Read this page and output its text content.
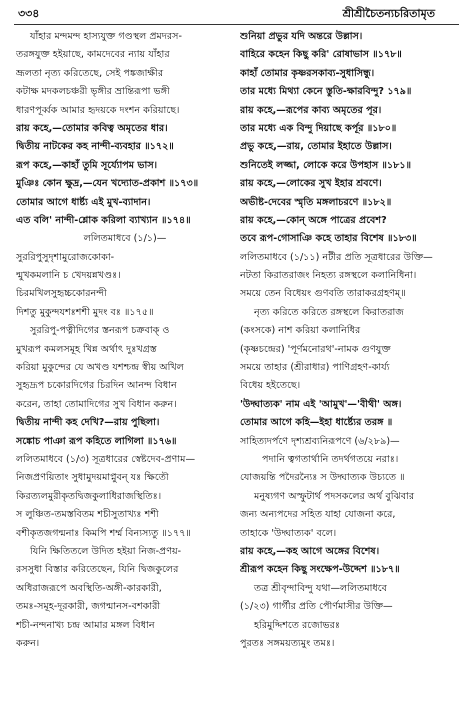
৩৩৪	শ্রীশ্রীচৈতন্যচরিতামৃত
যাঁহার মন্দমন্দ হাস্যযুক্ত গণ্ডস্থল প্রমদরস-
তরঙ্গযুক্ত হইয়াছে, কামদেবের ন্যায় যাঁহার
ভ্রূলতা নৃত্য করিতেছে, সেই পঙ্কজাক্ষীর
কটাক্ষ মদকলচঞ্চরী ভৃঙ্গীর ভ্রান্তিরূপা ভঙ্গী
ধারণপূর্ব্বক আমার হৃদয়কে দংশন করিয়াছে।
রায় কহে,—তোমার কবিত্ব অমৃতের ধার।
দ্বিতীয় নাটকের কহ নান্দী-ব্যবহার ॥১৭২॥
রূপ কহে,—কাহাঁ তুমি সূর্য্যোপম ভাস।
মুঞিঃ কোন ক্ষুদ্র,—যেন খদ্যোত-প্রকাশ ॥১৭৩॥
তোমার আগে ধার্ষ্ট্য এই মুখ-ব্যাদান।
এত বলি' নান্দী-শ্লোক করিলা ব্যাখ্যান ॥১৭৪॥
ললিতমাধবে (১/১)—
সুররিপুসুদৃশামুরোজকোকা-
ন্মুখকমলানি চ খেদয়ন্নখণ্ডঃ।
চিরমখিলসুহৃচ্চকোরনন্দী
দিশতু মুকুন্দযশঃশশী মুদং বঃ ॥১৭৫॥
সুররিপু-পত্নীদিগের স্তনরূপ চক্রবাক্ ও
মুখরূপ কমলসমূহ খিন্ন অর্থাৎ দুঃখগ্রস্ত
করিয়া মুকুন্দের যে অখণ্ড যশশ্চন্দ্র স্বীয় অখিল
সুহৃদ্রূপ চকোরদিগের চিরদিন আনন্দ বিধান
করেন, তাহা তোমাদিগের সুখ বিধান করুন।
দ্বিতীয় নান্দী কহ দেখি?—রায় পুছিলা।
সঙ্কোচ পাঞা রূপ কহিতে লাগিলা ॥১৭৬॥
ললিতমাধবে (১/৩) সূত্রধারের স্বেষ্টদেব-প্রণাম—
নিজপ্রণয়িতাং সুধামুদয়মাপ্নুবন্ যঃ ক্ষিতৌ
কিরত্যলমুরীকৃতদ্বিজকুলাধিরাজস্থিতিঃ।
স লুঞ্চিত-তমস্তবিতম শচীসুতাখ্যঃ শশী
বশীকৃতজগন্মনাঃ কিমপি শর্ম্ম বিন্যস্যতু ॥১৭৭॥
যিনি ক্ষিতিতলে উদিত হইয়া নিজ-প্রণয়-
রসসুধা বিস্তার করিতেছেন, যিনি দ্বিজকুলের
অধিরাজরূপে অবস্থিতি-অঙ্গী-কারকারী,
তমঃ-সমূহ-দূরকারী, জগন্মানস-বশকারী
শচী-নন্দনাখ্য চন্দ্র আমার মঙ্গল বিধান
করুন।
শুনিয়া প্রভুর যদি অন্তরে উল্লাস।
বাহিরে কহেন কিছু করি' রোষাভাস ॥১৭৮॥
কাহাঁ তোমার কৃষ্ণরসকাব্য-সুধাসিন্ধু।
তার মধ্যে মিথ্যা কেনে স্তুতি-ক্ষারবিন্দু? ১৭৯॥
রায় কহে,—রূপের কাব্য অমৃতের পূর।
তার মধ্যে এক বিন্দু দিয়াছে কর্পূর ॥১৮০॥
প্রভু কহে,—রায়, তোমার ইহাতে উল্লাস।
শুনিতেই লজ্জা, লোকে করে উপহাস ॥১৮১॥
রায় কহে,—লোকের সুখ ইহার শ্রবণে।
অভীষ্ট-দেবের স্মৃতি মঙ্গলাচরণে ॥১৮২॥
রায় কহে,—কোন্ অঙ্গে পাত্রের প্রবেশ?
তবে রূপ-গোসাঞি কহে তাহার বিশেষ ॥১৮৩॥
ললিতমাধবে (১/১১) নটীর প্রতি সূত্রধারের উক্তি—
নটতা কিরাতরাজং নিহত্য রঙ্গস্থলে কলানিধিনা।
সময়ে তেন বিধেয়ং গুণবতি তারাকরগ্রহণম্॥
নৃত্য করিতে করিতে রঙ্গস্থলে কিরাতরাজ
(কংসকে) নাশ করিয়া কলানিধির
(কৃষ্ণচন্দ্রের) 'পূর্ণমনোরথ'-নামক গুণযুক্ত
সময়ে তাহার (শ্রীরাধার) পাণিগ্রহণ-কার্য্য
বিধেয় হইতেছে।
'উদ্ঘাত্যক' নাম এই 'আমুখ'—'বীথী' অঙ্গ।
তোমার আগে কহি—ইহা ধার্ষ্ট্যের তরঙ্গ ॥
সাহিত্যদর্পণে দৃশ্যশ্রব্যনিরূপণে (৬/২৮৯)—
পদানি ত্বগতার্থানি তদর্থগতয়ে নরাঃ।
যোজয়ন্তি পদৈরন্যৈঃ স উদ্ঘাত্যক উচ্যতে ॥
মনুষ্যগণ অস্ফুটার্থ পদসকলের অর্থ বুঝিবার
জন্য অন্যপদের সহিত যাহা যোজনা করে,
তাহাকে 'উদ্ঘাত্যক' বলে।
রায় কহে,—কহ আগে অঙ্গের বিশেষ।
শ্রীরূপ কহেন কিছু সংক্ষেপ-উদ্দেশ ॥১৮৭॥
তত্র শ্রীবৃন্দাবিন্দু যথা—ললিতমাধবে
(১/২৩) গার্গীর প্রতি পৌর্ণমাসীর উক্তি—
হরিমুদ্দিশতে রজোভরঃ
পুরতঃ সঙ্গময়ত্যমুং তমঃ।
